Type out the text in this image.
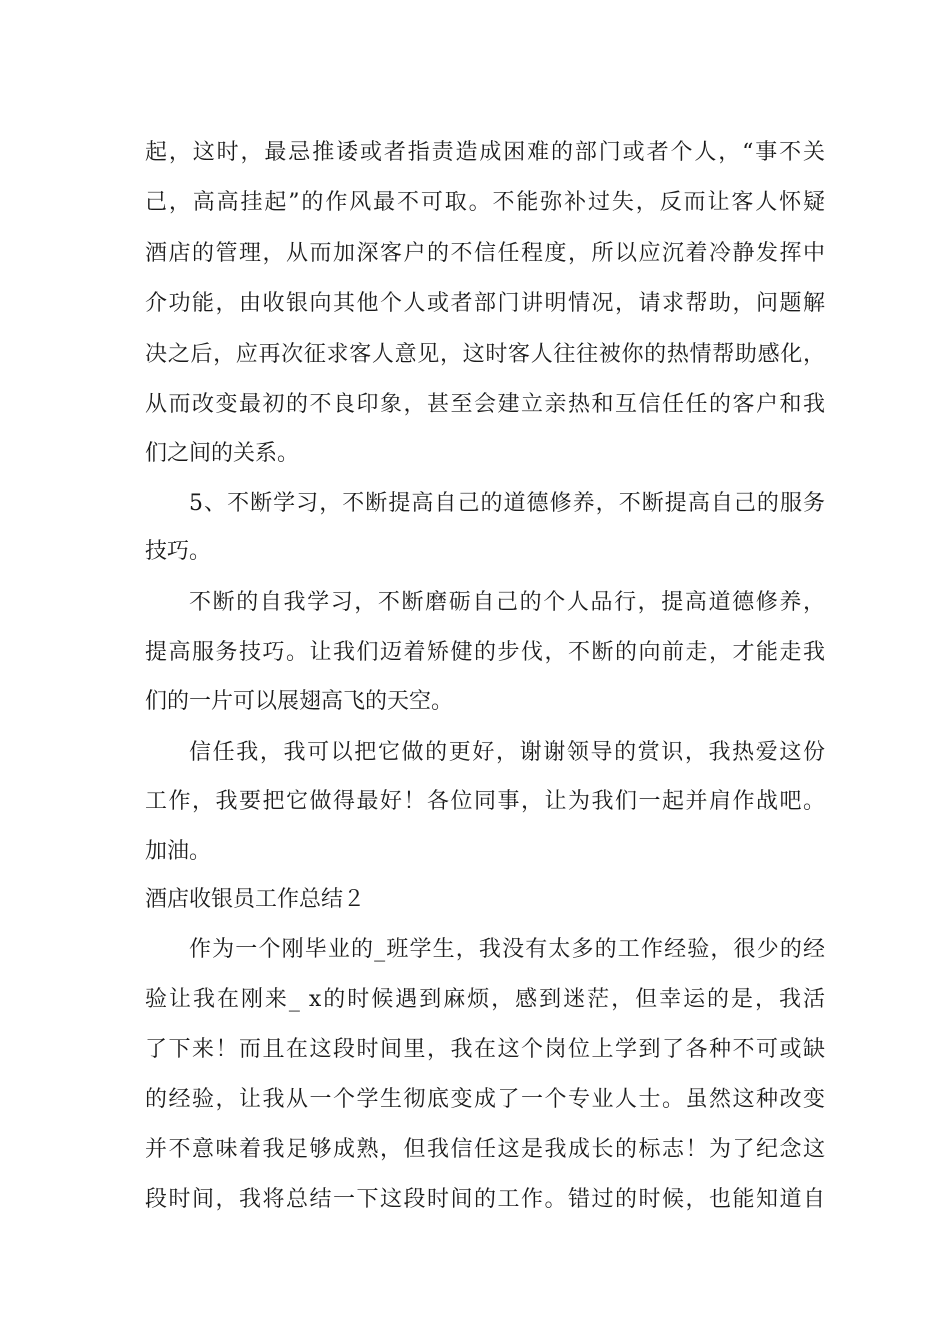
起，这时，最忌推诿或者指责造成困难的部门或者个人，“事不关
己，高高挂起”的作风最不可取。不能弥补过失，反而让客人怀疑
酒店的管理，从而加深客户的不信任程度，所以应沉着冷静发挥中
介功能，由收银向其他个人或者部门讲明情况，请求帮助，问题解
决之后，应再次征求客人意见，这时客人往往被你的热情帮助感化，
从而改变最初的不良印象，甚至会建立亲热和互信任任的客户和我
们之间的关系。
5、不断学习，不断提高自己的道德修养，不断提高自己的服务
技巧。
不断的自我学习，不断磨砺自己的个人品行，提高道德修养，
提高服务技巧。让我们迈着矫健的步伐，不断的向前走，才能走我
们的一片可以展翅高飞的天空。
信任我，我可以把它做的更好，谢谢领导的赏识，我热爱这份
工作，我要把它做得最好！各位同事，让为我们一起并肩作战吧。
加油。
酒店收银员工作总结２
作为一个刚毕业的_班学生，我没有太多的工作经验，很少的经
验让我在刚来_ x的时候遇到麻烦，感到迷茫，但幸运的是，我活
了下来！而且在这段时间里，我在这个岗位上学到了各种不可或缺
的经验，让我从一个学生彻底变成了一个专业人士。虽然这种改变
并不意味着我足够成熟，但我信任这是我成长的标志！为了纪念这
段时间，我将总结一下这段时间的工作。错过的时候，也能知道自
